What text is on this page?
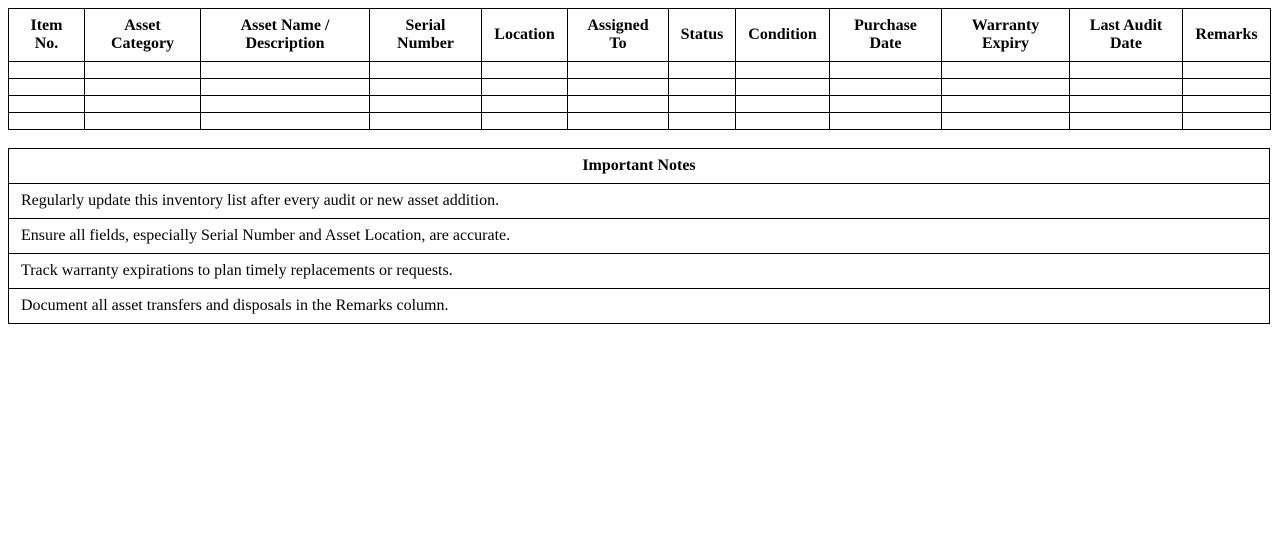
Item No.	Asset Category	Asset Name / Description	Serial Number	Location	Assigned To	Status	Condition	Purchase Date	Warranty Expiry	Last Audit Date	Remarks

Important Notes
Regularly update this inventory list after every audit or new asset addition.
Ensure all fields, especially Serial Number and Asset Location, are accurate.
Track warranty expirations to plan timely replacements or requests.
Document all asset transfers and disposals in the Remarks column.
